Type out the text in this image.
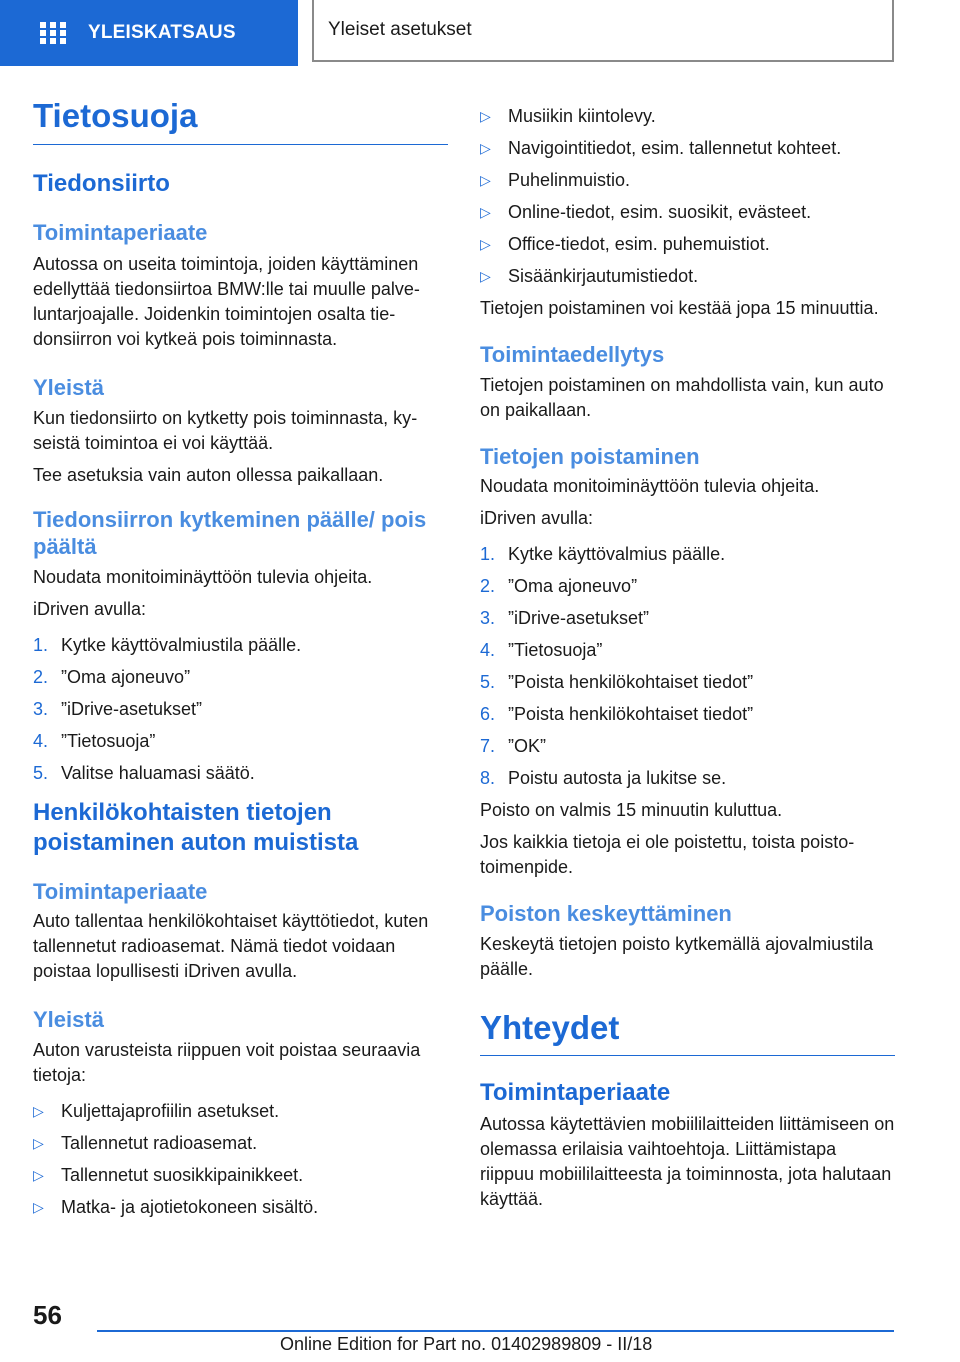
YLEISKATSAUS	Yleiset asetukset
Tietosuoja
Tiedonsiirto
Toimintaperiaate

Autossa on useita toimintoja, joiden käyttäminen edellyttää tiedonsiirtoa BMW:lle tai muulle palveluntarjoajalle. Joidenkin toimintojen osalta tiedonsiirron voi kytkeä pois toiminnasta.

Yleistä

Kun tiedonsiirto on kytketty pois toiminnasta, kyseistä toimintoa ei voi käyttää.

Tee asetuksia vain auton ollessa paikallaan.

Tiedonsiirron kytkeminen päälle/ pois päältä

Noudata monitoiminäyttöön tulevia ohjeita.

iDriven avulla:

1. Kytke käyttövalmiustila päälle.
2. ”Oma ajoneuvo”
3. ”iDrive-asetukset”
4. ”Tietosuoja”
5. Valitse haluamasi säätö.
Henkilökohtaisten tietojen poistaminen auton muistista
Toimintaperiaate

Auto tallentaa henkilökohtaiset käyttötiedot, kuten tallennetut radioasemat. Nämä tiedot voidaan poistaa lopullisesti iDriven avulla.

Yleistä

Auton varusteista riippuen voit poistaa seuraavia tietoja:

▷ Kuljettajaprofiilin asetukset.
▷ Tallennetut radioasemat.
▷ Tallennetut suosikkipainikkeet.
▷ Matka- ja ajotietokoneen sisältö.
▷ Musiikin kiintolevy.
▷ Navigointitiedot, esim. tallennetut kohteet.
▷ Puhelinmuistio.
▷ Online-tiedot, esim. suosikit, evästeet.
▷ Office-tiedot, esim. puhemuistiot.
▷ Sisäänkirjautumistiedot.

Tietojen poistaminen voi kestää jopa 15 minuuttia.

Toimintaedellytys

Tietojen poistaminen on mahdollista vain, kun auto on paikallaan.

Tietojen poistaminen

Noudata monitoiminäyttöön tulevia ohjeita.

iDriven avulla:

1. Kytke käyttövalmius päälle.
2. ”Oma ajoneuvo”
3. ”iDrive-asetukset”
4. ”Tietosuoja”
5. ”Poista henkilökohtaiset tiedot”
6. ”Poista henkilökohtaiset tiedot”
7. ”OK”
8. Poistu autosta ja lukitse se.

Poisto on valmis 15 minuutin kuluttua.

Jos kaikkia tietoja ei ole poistettu, toista poistotoimenpide.

Poiston keskeyttäminen

Keskeytä tietojen poisto kytkemällä ajovalmiustila päälle.

Yhteydet
Toimintaperiaate

Autossa käytettävien mobiililaitteiden liittämiseen on olemassa erilaisia vaihtoehtoja. Liittämistapa riippuu mobiililaitteesta ja toiminnosta, jota halutaan käyttää.

56
Online Edition for Part no. 01402989809 - II/18
